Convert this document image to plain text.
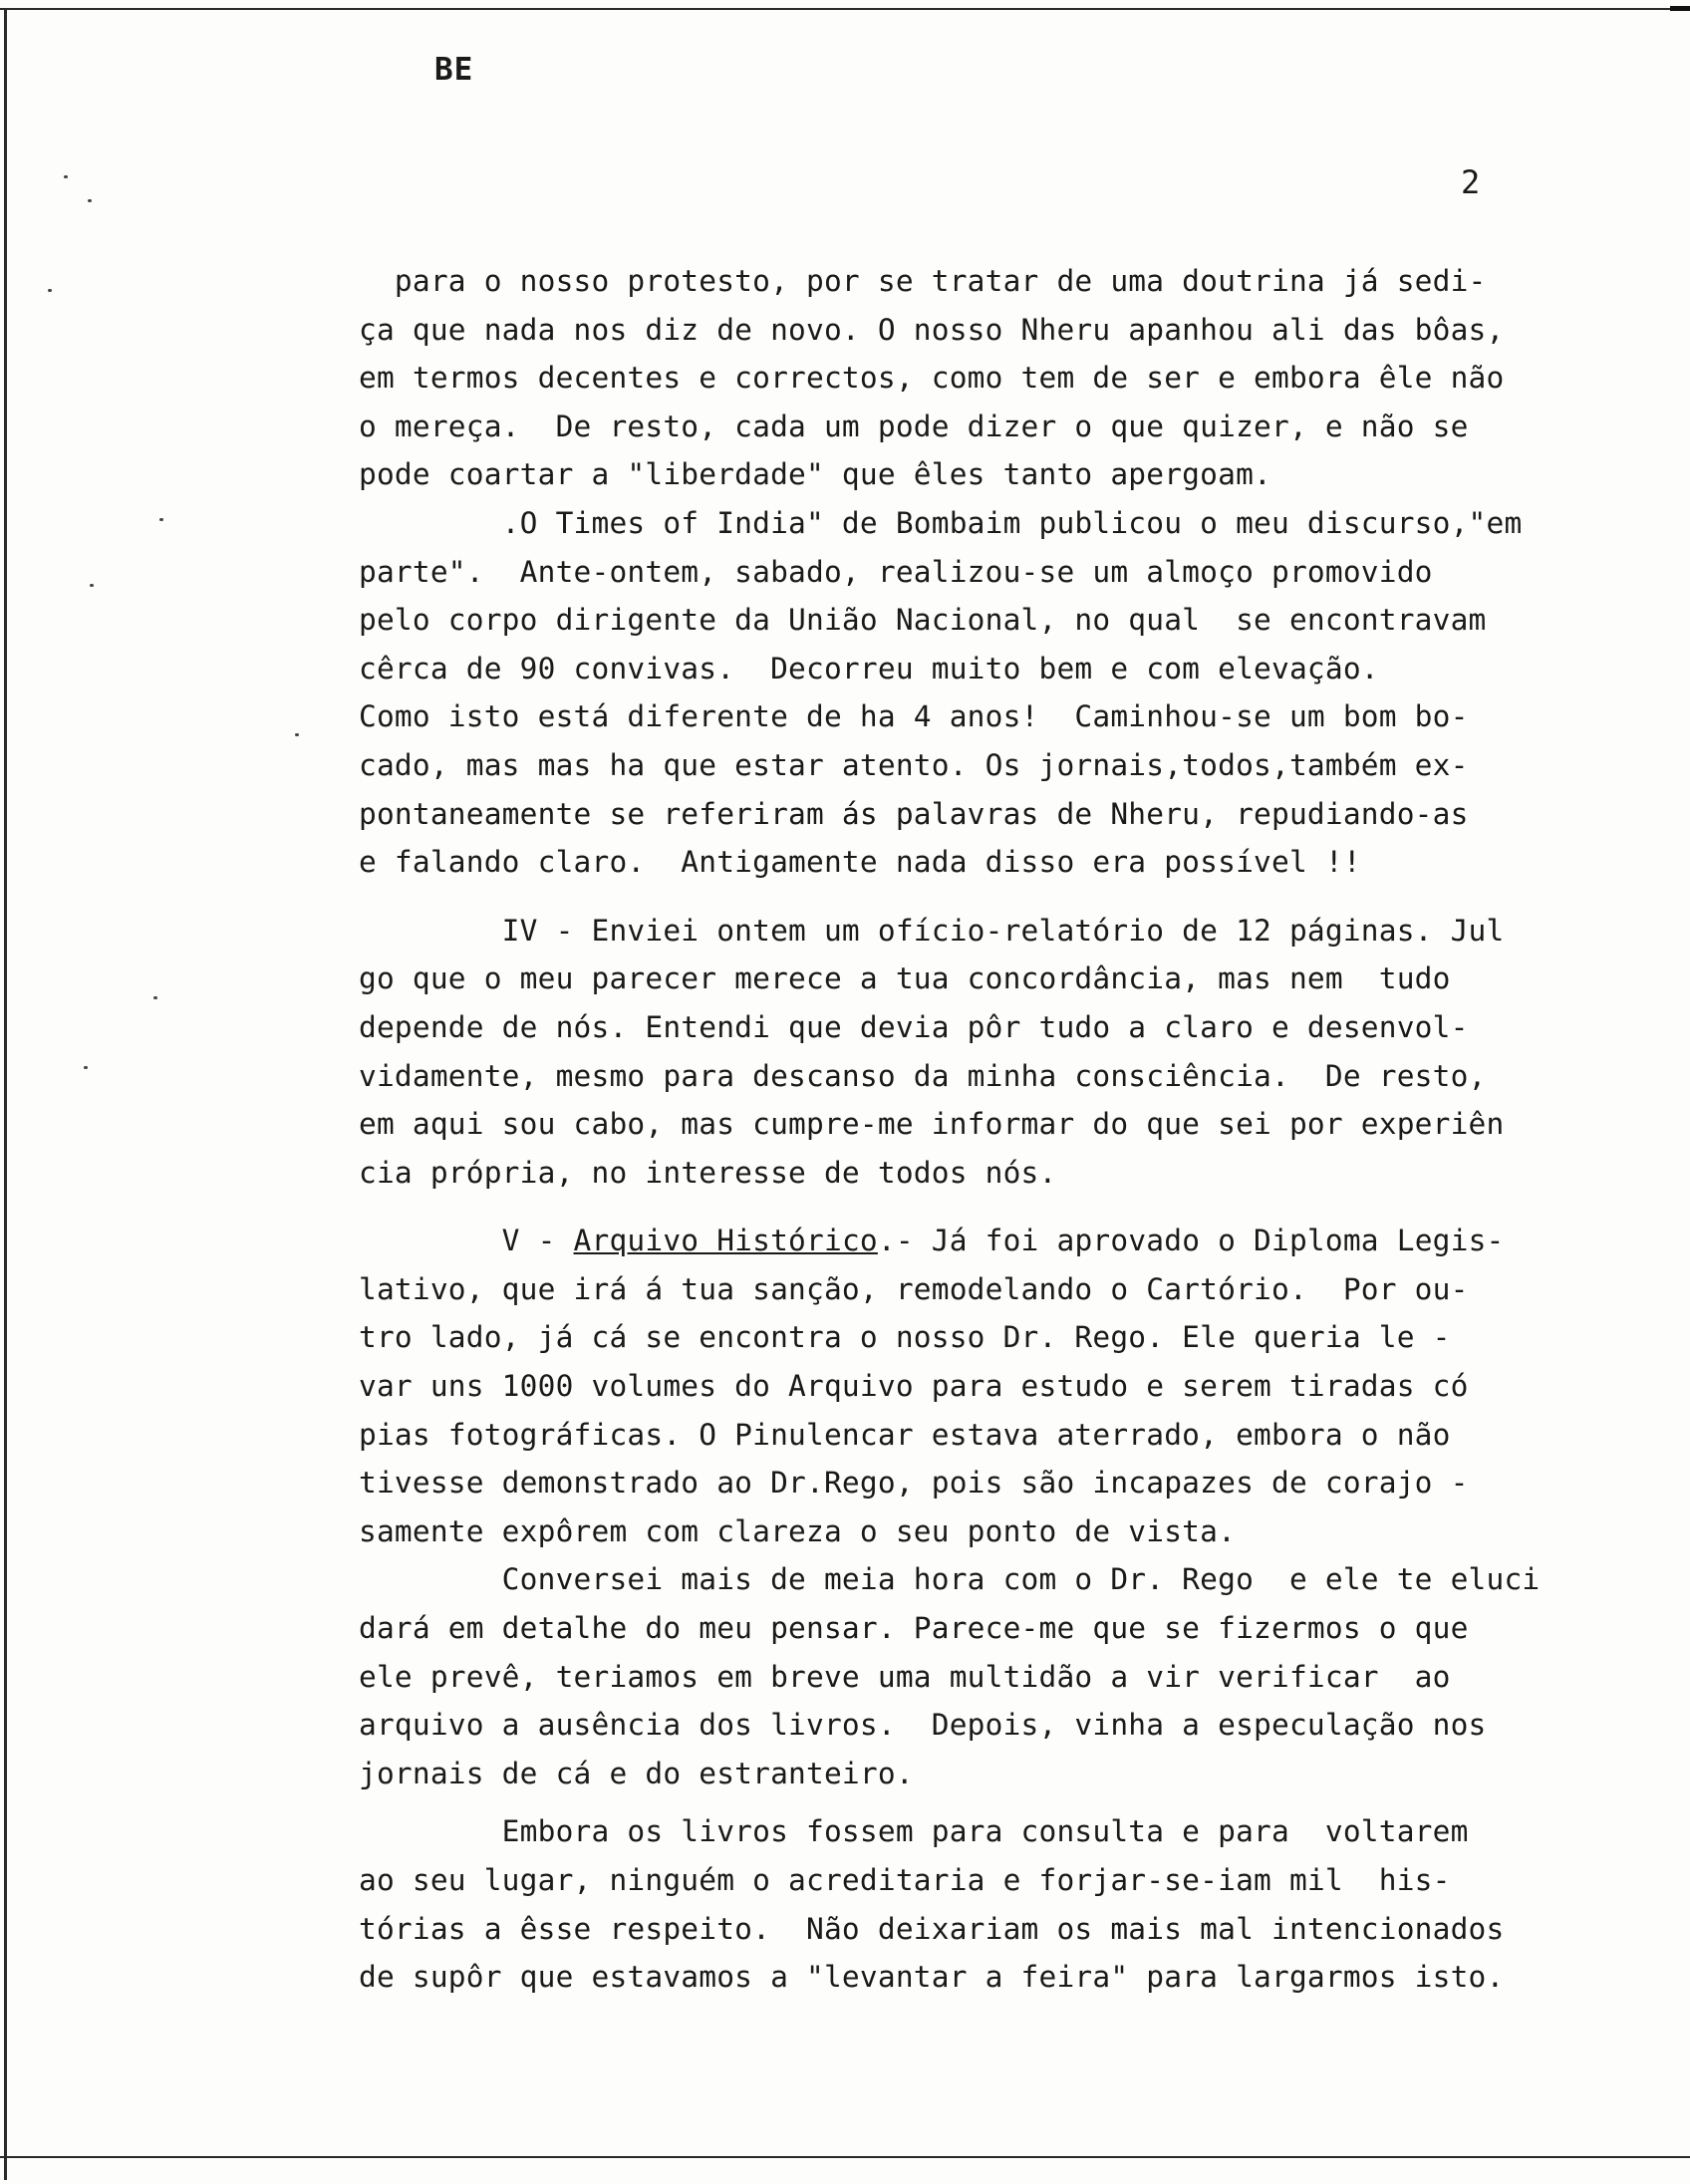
BE
2
para o nosso protesto, por se tratar de uma doutrina já sedi-
ça que nada nos diz de novo. O nosso Nheru apanhou ali das bôas,
em termos decentes e correctos, como tem de ser e embora êle não
o mereça.  De resto, cada um pode dizer o que quizer, e não se
pode coartar a "liberdade" que êles tanto apergoam.
.O Times of India" de Bombaim publicou o meu discurso,"em
parte".  Ante-ontem, sabado, realizou-se um almoço promovido
pelo corpo dirigente da União Nacional, no qual  se encontravam
cêrca de 90 convivas.  Decorreu muito bem e com elevação.
Como isto está diferente de ha 4 anos!  Caminhou-se um bom bo-
cado, mas mas ha que estar atento. Os jornais,todos,também ex-
pontaneamente se referiram ás palavras de Nheru, repudiando-as
e falando claro.  Antigamente nada disso era possível !!
IV - Enviei ontem um ofício-relatório de 12 páginas. Jul
go que o meu parecer merece a tua concordância, mas nem  tudo
depende de nós. Entendi que devia pôr tudo a claro e desenvol-
vidamente, mesmo para descanso da minha consciência.  De resto,
em aqui sou cabo, mas cumpre-me informar do que sei por experiên
cia própria, no interesse de todos nós.
V - Arquivo Histórico.- Já foi aprovado o Diploma Legis-
lativo, que irá á tua sanção, remodelando o Cartório.  Por ou-
tro lado, já cá se encontra o nosso Dr. Rego. Ele queria le -
var uns 1000 volumes do Arquivo para estudo e serem tiradas có
pias fotográficas. O Pinulencar estava aterrado, embora o não
tivesse demonstrado ao Dr.Rego, pois são incapazes de corajo -
samente expôrem com clareza o seu ponto de vista.
Conversei mais de meia hora com o Dr. Rego  e ele te eluci
dará em detalhe do meu pensar. Parece-me que se fizermos o que
ele prevê, teriamos em breve uma multidão a vir verificar  ao
arquivo a ausência dos livros.  Depois, vinha a especulação nos
jornais de cá e do estranteiro.
Embora os livros fossem para consulta e para  voltarem
ao seu lugar, ninguém o acreditaria e forjar-se-iam mil  his-
tórias a êsse respeito.  Não deixariam os mais mal intencionados
de supôr que estavamos a "levantar a feira" para largarmos isto.
